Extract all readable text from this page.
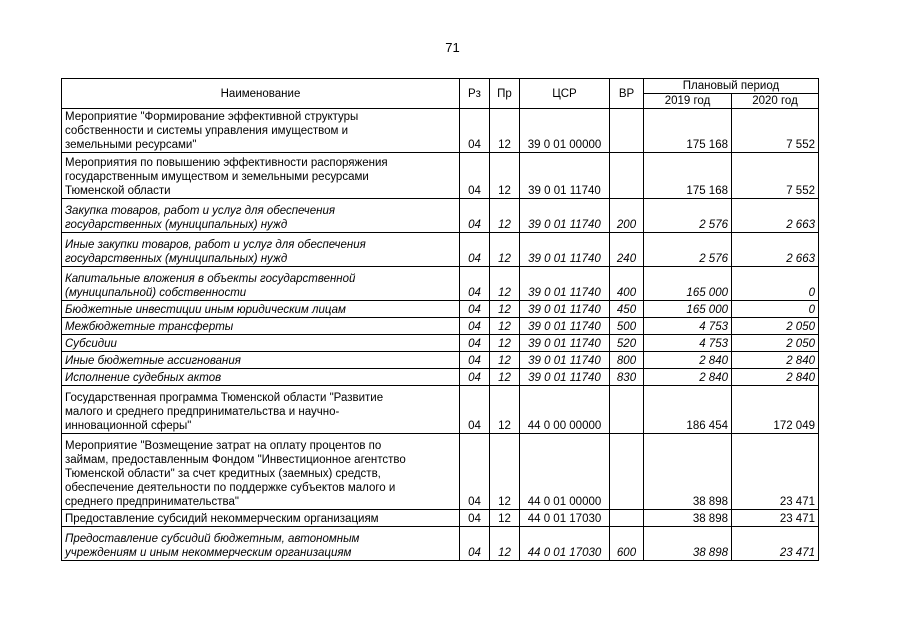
71
Наименование	Рз	Пр	ЦСР	ВР	Плановый период	
					2019 год	2020 год

Мероприятие "Формирование эффективной структуры
собственности и системы управления имуществом и
земельными ресурсами"	04	12	39 0 01 00000		175 168	7 552

Мероприятия по повышению эффективности распоряжения
государственным имуществом и земельными ресурсами
Тюменской области	04	12	39 0 01 11740		175 168	7 552

Закупка товаров, работ и услуг для обеспечения
государственных (муниципальных) нужд	04	12	39 0 01 11740	200	2 576	2 663

Иные закупки товаров, работ и услуг для обеспечения
государственных (муниципальных) нужд	04	12	39 0 01 11740	240	2 576	2 663

Капитальные вложения в объекты государственной
(муниципальной) собственности	04	12	39 0 01 11740	400	165 000	0
Бюджетные инвестиции иным юридическим лицам	04	12	39 0 01 11740	450	165 000	0
Межбюджетные трансферты	04	12	39 0 01 11740	500	4 753	2 050
Субсидии	04	12	39 0 01 11740	520	4 753	2 050
Иные бюджетные ассигнования	04	12	39 0 01 11740	800	2 840	2 840
Исполнение судебных актов	04	12	39 0 01 11740	830	2 840	2 840

Государственная программа Тюменской области "Развитие
малого и среднего предпринимательства и научно-
инновационной сферы"	04	12	44 0 00 00000		186 454	172 049

Мероприятие "Возмещение затрат на оплату процентов по
займам, предоставленным Фондом "Инвестиционное агентство
Тюменской области" за счет кредитных (заемных) средств,
обеспечение деятельности по поддержке субъектов малого и
среднего предпринимательства"	04	12	44 0 01 00000		38 898	23 471
Предоставление субсидий некоммерческим организациям	04	12	44 0 01 17030		38 898	23 471

Предоставление субсидий бюджетным, автономным
учреждениям и иным некоммерческим организациям	04	12	44 0 01 17030	600	38 898	23 471
